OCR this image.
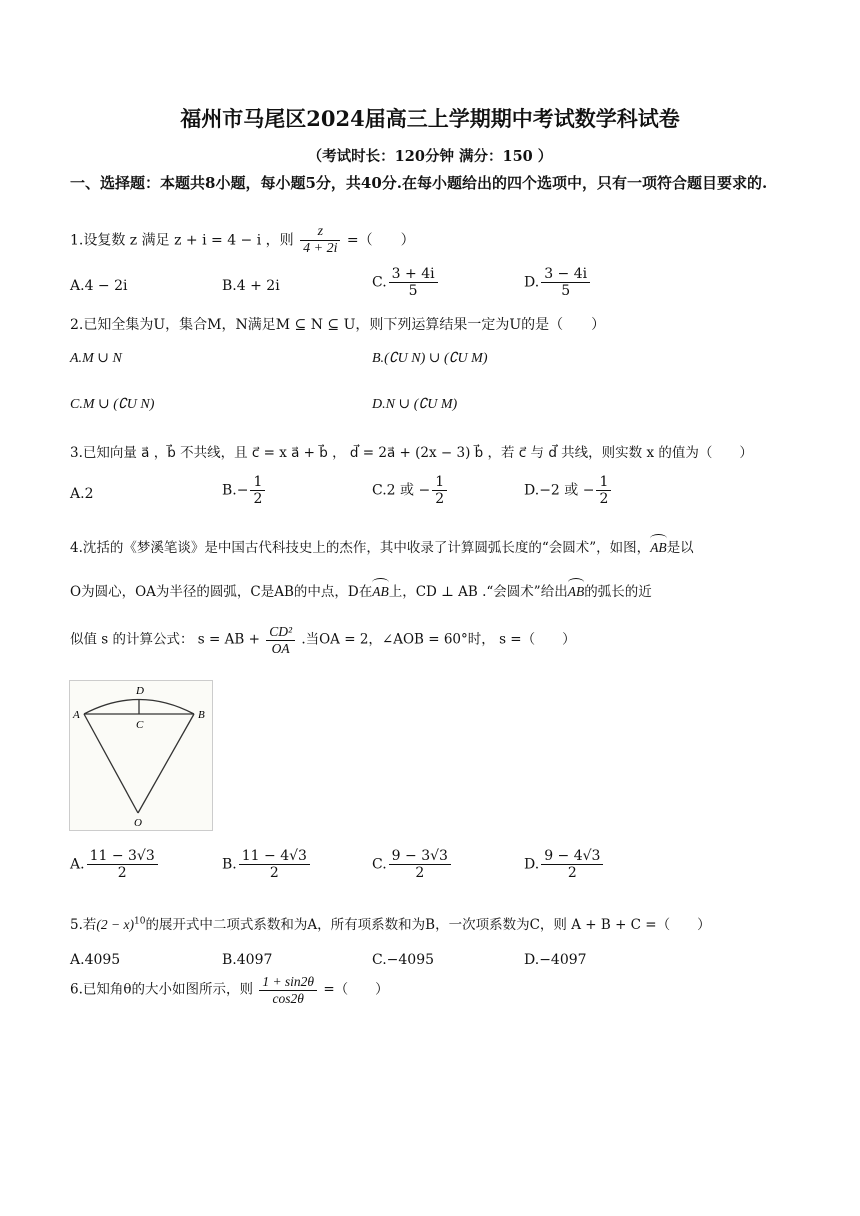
福州市马尾区2024届高三上学期期中考试数学科试卷
（考试时长：120分钟 满分：150 ）
一、选择题：本题共8小题，每小题5分，共40分.在每小题给出的四个选项中，只有一项符合题目要求的.
1.设复数 z 满足 z + i = 4 − i ，则 $\frac{z}{4 + 2i}$ =（　　）
A.4 − 2i	B.4 + 2i	C. $\frac{3 + 4i}{5}$	D. $\frac{3 - 4i}{5}$
2.已知全集为U，集合M，N满足M ⊆ N ⊆ U，则下列运算结果一定为U的是（　　）
A.M ∪ N	B.(∁U N) ∪ (∁U M)
C.M ∪ (∁U N)	D.N ∪ (∁U M)
3.已知向量 a⃗ ，b⃗ 不共线，且 c⃗ = x a⃗ + b⃗ ， d⃗ = 2a⃗ + (2x − 3) b⃗ ，若 c⃗ 与 d⃗ 共线，则实数 x 的值为（　　）
A.2	$B.- \frac{1}{2}$	C.2 或 − $\frac{1}{2}$	D.−2 或 − $\frac{1}{2}$
4.沈括的《梦溪笔谈》是中国古代科技史上的杰作，其中收录了计算圆弧长度的“会圆术”，如图，AB是以
O为圆心，OA为半径的圆弧，C是AB的中点，D在AB上，CD ⊥ AB .“会圆术”给出AB的弧长的近
似值 s 的计算公式： s = AB + $\frac{\text{CD²}}{OA}$ .当OA = 2，∠AOB = 60°时， s =（　　）
A	B
C
D
O
A. $\frac{11 - 3√3}{2}$	B. $\frac{11 - 4√3}{2}$	C. $\frac{9 - 3√3}{2}$	D. $\frac{9 - 4√3}{2}$
5.若$(2 - x)^{10}$的展开式中二项式系数和为A，所有项系数和为B，一次项系数为C，则 A + B + C =（　　）
A.4095	B.4097	C.−4095	D.−4097
6.已知角θ的大小如图所示，则 $\frac{1 + \sin 2\theta}{\cos 2\theta}$ =（　　）
